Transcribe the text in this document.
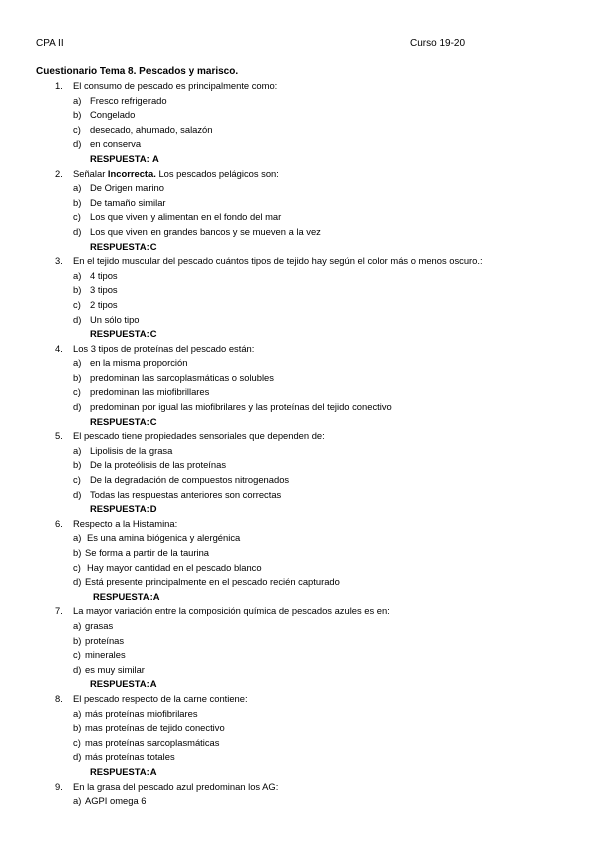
CPA II	Curso 19-20
Cuestionario Tema 8. Pescados y marisco.
1. El consumo de pescado es principalmente como:
a) Fresco refrigerado
b) Congelado
c) desecado, ahumado, salazón
d) en conserva
RESPUESTA: A
2. Señalar Incorrecta. Los pescados pelágicos son:
a) De Origen marino
b) De tamaño similar
c) Los que viven y alimentan en el fondo del mar
d) Los que viven en grandes bancos y se mueven a la vez
RESPUESTA:C
3. En el tejido muscular del pescado cuántos tipos de tejido hay según el color más o menos oscuro.:
a) 4 tipos
b) 3 tipos
c) 2 tipos
d) Un sólo tipo
RESPUESTA:C
4. Los 3 tipos de proteínas del pescado están:
a) en la misma proporción
b) predominan las sarcoplasmáticas o solubles
c) predominan las miofibrillares
d) predominan por igual las miofibrilares y las proteínas del tejido conectivo
RESPUESTA:C
5. El pescado tiene propiedades sensoriales que dependen de:
a) Lipolisis de la grasa
b) De la proteólisis de las proteínas
c) De la degradación de compuestos nitrogenados
d) Todas las respuestas anteriores son correctas
RESPUESTA:D
6. Respecto a la Histamina:
a) Es una amina biógenica y alergénica
b) Se forma a partir de la taurina
c) Hay mayor cantidad en el pescado blanco
d) Está presente principalmente en el pescado recién capturado
RESPUESTA:A
7. La mayor variación entre la composición química de pescados azules es en:
a) grasas
b) proteínas
c) minerales
d) es muy similar
RESPUESTA:A
8. El pescado respecto de la carne contiene:
a) más proteínas miofibrilares
b) mas proteínas de tejido conectivo
c) mas proteínas sarcoplasmáticas
d) más proteínas totales
RESPUESTA:A
9. En la grasa del pescado azul predominan los AG:
a) AGPI omega 6
